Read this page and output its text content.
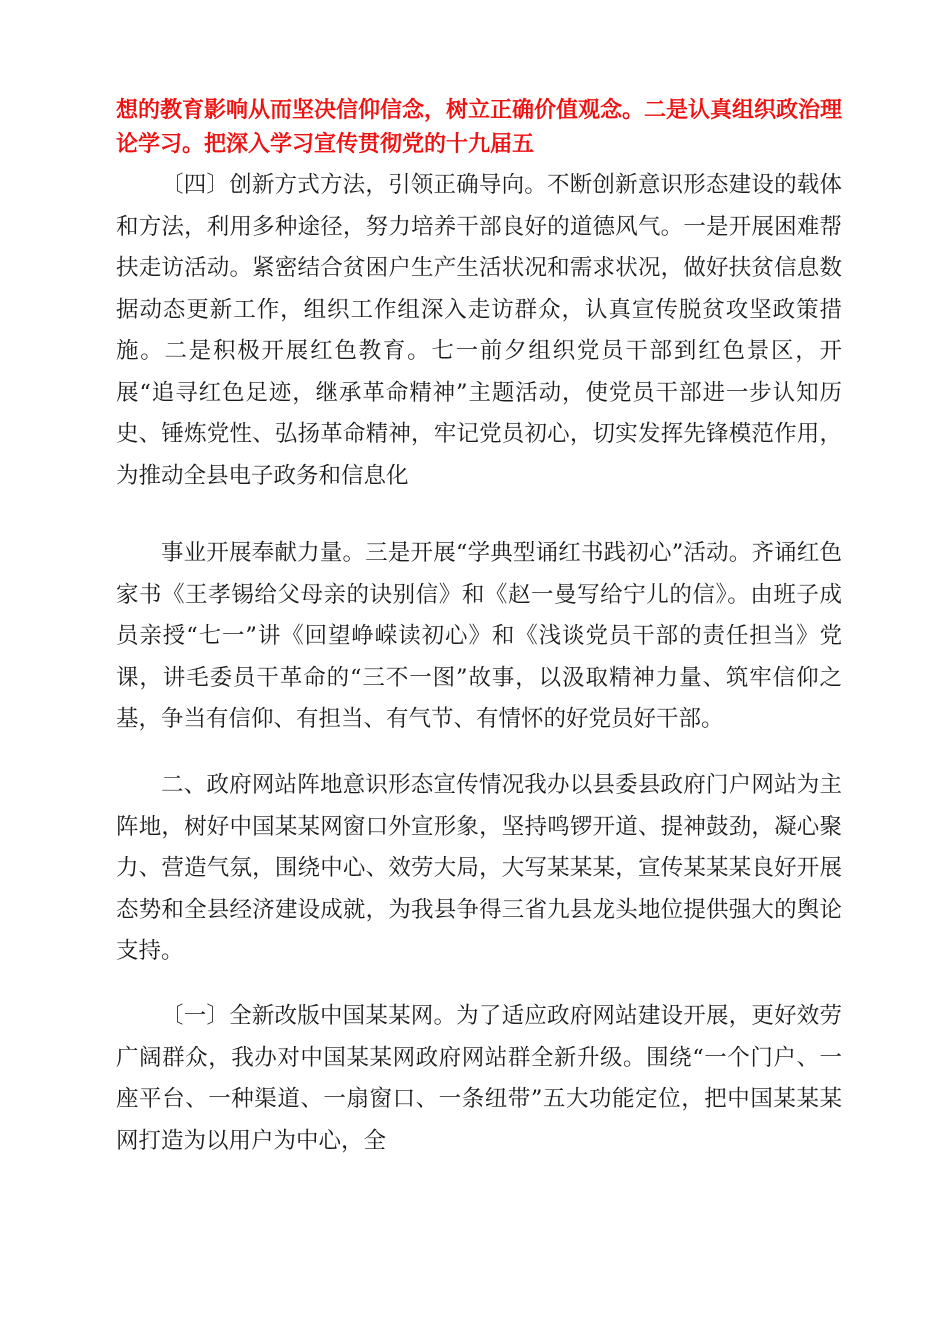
想的教育影响从而坚决信仰信念，树立正确价值观念。二是认真组织政治理论学习。把深入学习宣传贯彻党的十九届五

〔四〕创新方式方法，引领正确导向。不断创新意识形态建设的载体和方法，利用多种途径，努力培养干部良好的道德风气。一是开展困难帮扶走访活动。紧密结合贫困户生产生活状况和需求状况，做好扶贫信息数据动态更新工作，组织工作组深入走访群众，认真宣传脱贫攻坚政策措施。二是积极开展红色教育。七一前夕组织党员干部到红色景区，开展“追寻红色足迹，继承革命精神”主题活动，使党员干部进一步认知历史、锤炼党性、弘扬革命精神，牢记党员初心，切实发挥先锋模范作用，为推动全县电子政务和信息化

事业开展奉献力量。三是开展“学典型诵红书践初心”活动。齐诵红色家书《王孝锡给父母亲的诀别信》和《赵一曼写给宁儿的信》。由班子成员亲授“七一”讲《回望峥嵘读初心》和《浅谈党员干部的责任担当》党课，讲毛委员干革命的“三不一图”故事，以汲取精神力量、筑牢信仰之基，争当有信仰、有担当、有气节、有情怀的好党员好干部。

二、政府网站阵地意识形态宣传情况我办以县委县政府门户网站为主阵地，树好中国某某网窗口外宣形象，坚持鸣锣开道、提神鼓劲，凝心聚力、营造气氛，围绕中心、效劳大局，大写某某某，宣传某某某良好开展态势和全县经济建设成就，为我县争得三省九县龙头地位提供强大的舆论支持。

〔一〕全新改版中国某某网。为了适应政府网站建设开展，更好效劳广阔群众，我办对中国某某网政府网站群全新升级。围绕“一个门户、一座平台、一种渠道、一扇窗口、一条纽带”五大功能定位，把中国某某某网打造为以用户为中心，全
